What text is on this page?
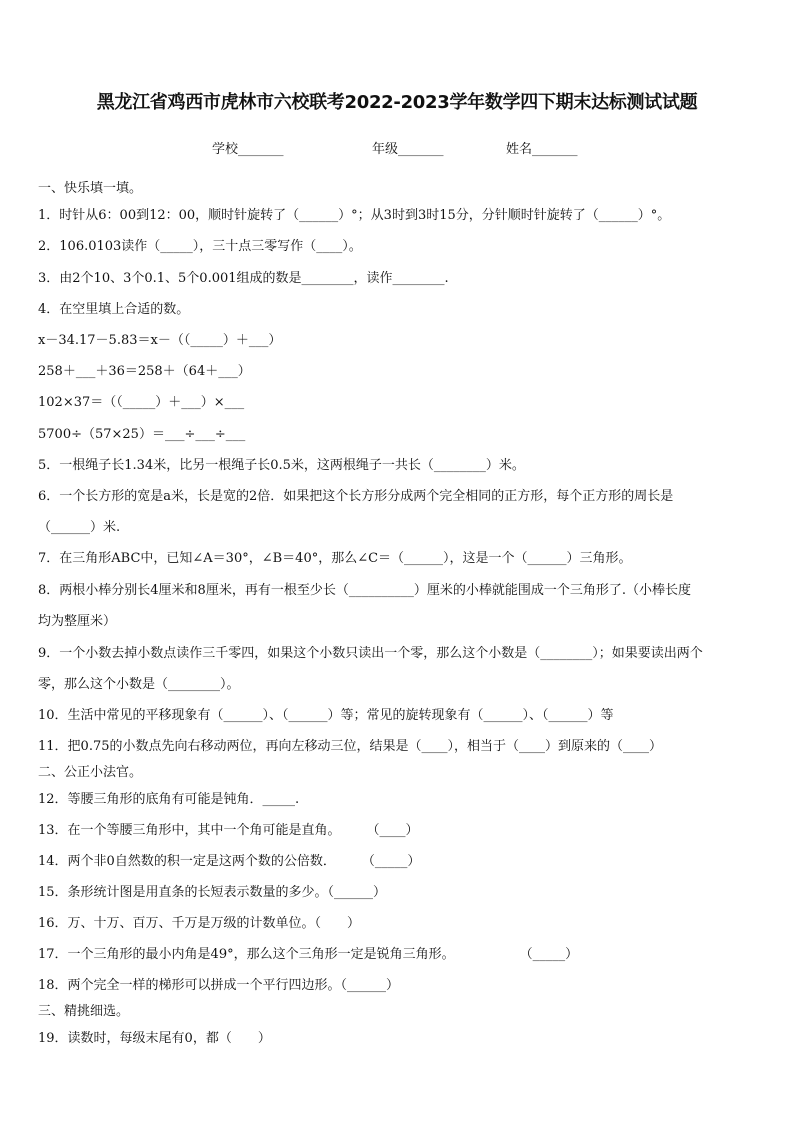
黑龙江省鸡西市虎林市六校联考2022-2023学年数学四下期末达标测试试题
学校_______	年级_______	姓名_______
一、快乐填一填。
1．时针从6：00到12：00，顺时针旋转了（______）°；从3时到3时15分，分针顺时针旋转了（______）°。
2．106.0103读作（_____），三十点三零写作（____）。
3．由2个10、3个0.1、5个0.001组成的数是________，读作________.
4．在空里填上合适的数。
x－34.17－5.83＝x－（（_____）＋___）
258＋___＋36＝258＋（64＋___）
102×37＝（（_____）＋___）×___
5700÷（57×25）＝___÷___÷___
5．一根绳子长1.34米，比另一根绳子长0.5米，这两根绳子一共长（________）米。
6．一个长方形的宽是a米，长是宽的2倍．如果把这个长方形分成两个完全相同的正方形，每个正方形的周长是
（______）米.
7．在三角形ABC中，已知∠A＝30°，∠B＝40°，那么∠C＝（______），这是一个（______）三角形。
8．两根小棒分别长4厘米和8厘米，再有一根至少长（__________）厘米的小棒就能围成一个三角形了.（小棒长度
均为整厘米）
9．一个小数去掉小数点读作三千零四，如果这个小数只读出一个零，那么这个小数是（________）；如果要读出两个
零，那么这个小数是（________）。
10．生活中常见的平移现象有（______）、（______）等；常见的旋转现象有（______）、（______）等
11．把0.75的小数点先向右移动两位，再向左移动三位，结果是（____），相当于（____）到原来的（____）
二、公正小法官。
12．等腰三角形的底角有可能是钝角．_____.
13．在一个等腰三角形中，其中一个角可能是直角。　　　（____）
14．两个非0自然数的积一定是这两个数的公倍数．　　　（_____）
15．条形统计图是用直条的长短表示数量的多少。（______）
16．万、十万、百万、千万是万级的计数单位。（　　）
17．一个三角形的最小内角是49°，那么这个三角形一定是锐角三角形。　　　　　　（_____）
18．两个完全一样的梯形可以拼成一个平行四边形。（______）
三、精挑细选。
19．读数时，每级末尾有0，都（　　）
